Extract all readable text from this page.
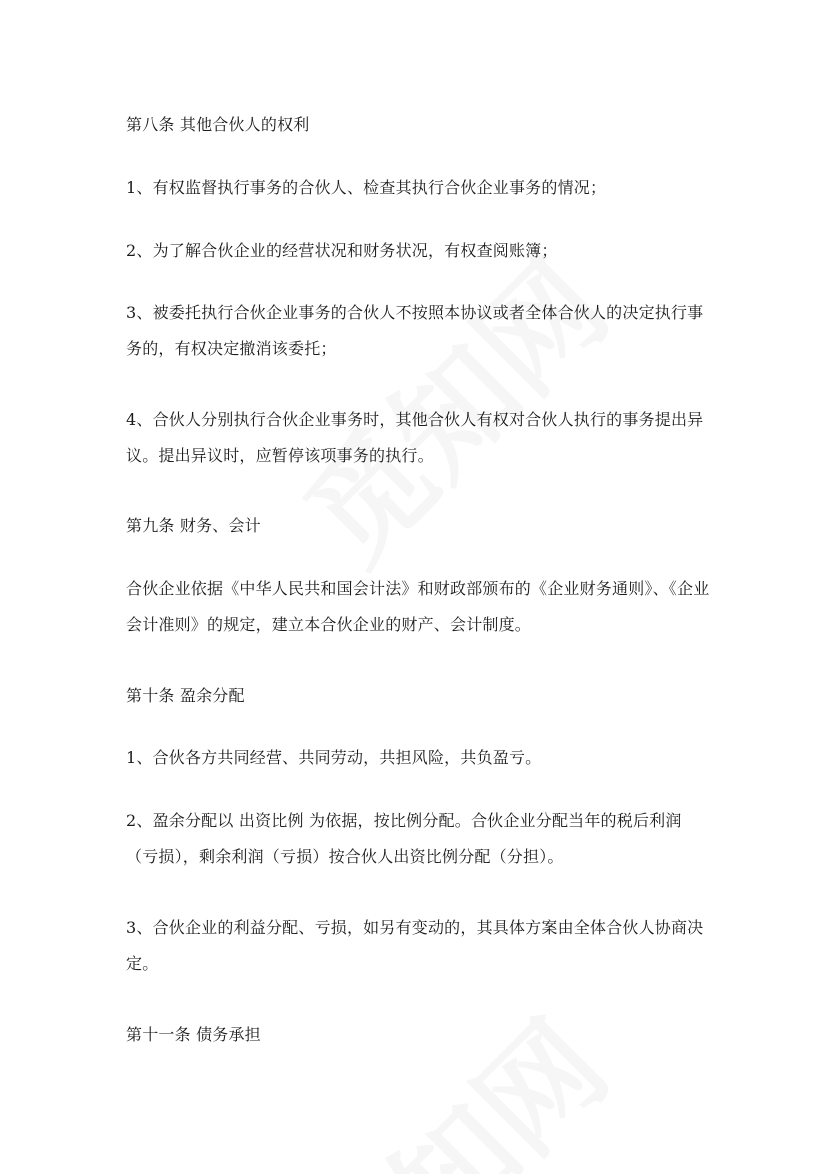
第八条 其他合伙人的权利

1、有权监督执行事务的合伙人、检查其执行合伙企业事务的情况；

2、为了解合伙企业的经营状况和财务状况，有权查阅账簿；

3、被委托执行合伙企业事务的合伙人不按照本协议或者全体合伙人的决定执行事务的，有权决定撤消该委托；

4、合伙人分别执行合伙企业事务时，其他合伙人有权对合伙人执行的事务提出异议。提出异议时，应暂停该项事务的执行。

第九条 财务、会计

合伙企业依据《中华人民共和国会计法》和财政部颁布的《企业财务通则》、《企业会计准则》的规定，建立本合伙企业的财产、会计制度。

第十条 盈余分配

1、合伙各方共同经营、共同劳动，共担风险，共负盈亏。

2、盈余分配以 出资比例 为依据，按比例分配。合伙企业分配当年的税后利润（亏损），剩余利润（亏损）按合伙人出资比例分配（分担）。

3、合伙企业的利益分配、亏损，如另有变动的，其具体方案由全体合伙人协商决定。

第十一条 债务承担
